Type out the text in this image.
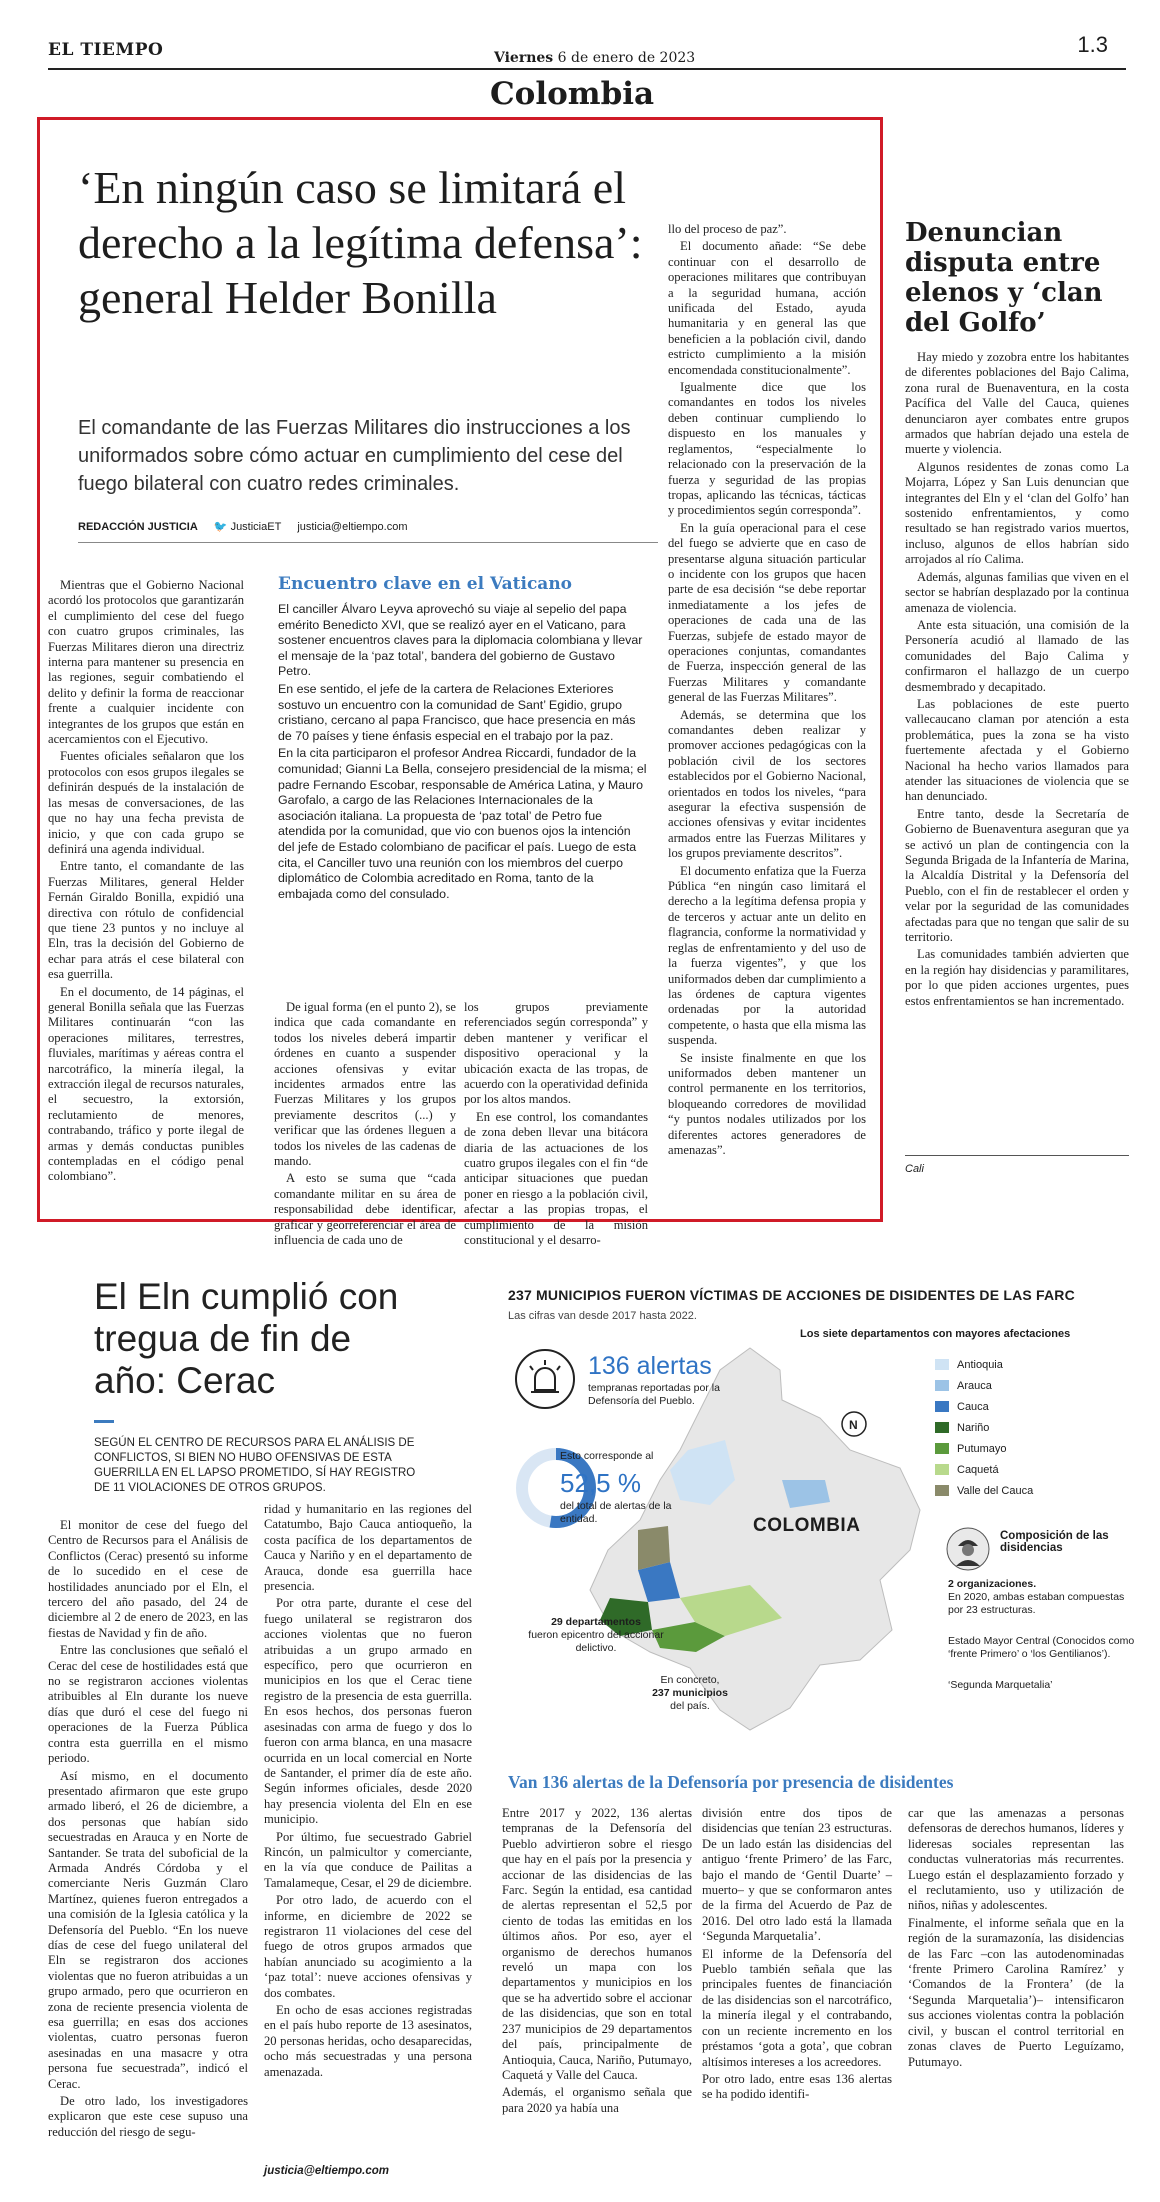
EL TIEMPO	Viernes 6 de enero de 2023
1.3
Colombia
‘En ningún caso se limitará el derecho a la legítima defensa’: general Helder Bonilla
El comandante de las Fuerzas Militares dio instrucciones a los uniformados sobre cómo actuar en cumplimiento del cese del fuego bilateral con cuatro redes criminales.
REDACCIÓN JUSTICIA 🐦 JusticiaET justicia@eltiempo.com

Mientras que el Gobierno Nacional acordó los protocolos que garantizarán el cumplimiento del cese del fuego con cuatro grupos criminales, las Fuerzas Militares dieron una directriz interna para mantener su presencia en las regiones, seguir combatiendo el delito y definir la forma de reaccionar frente a cualquier incidente con integrantes de los grupos que están en acercamientos con el Ejecutivo.

Fuentes oficiales señalaron que los protocolos con esos grupos ilegales se definirán después de la instalación de las mesas de conversaciones, de las que no hay una fecha prevista de inicio, y que con cada grupo se definirá una agenda individual.

Entre tanto, el comandante de las Fuerzas Militares, general Helder Fernán Giraldo Bonilla, expidió una directiva con rótulo de confidencial que tiene 23 puntos y no incluye al Eln, tras la decisión del Gobierno de echar para atrás el cese bilateral con esa guerrilla.

En el documento, de 14 páginas, el general Bonilla señala que las Fuerzas Militares continuarán “con las operaciones militares, terrestres, fluviales, marítimas y aéreas contra el narcotráfico, la minería ilegal, la extracción ilegal de recursos naturales, el secuestro, la extorsión, reclutamiento de menores, contrabando, tráfico y porte ilegal de armas y demás conductas punibles contempladas en el código penal colombiano”.

Encuentro clave en el Vaticano

El canciller Álvaro Leyva aprovechó su viaje al sepelio del papa emérito Benedicto XVI, que se realizó ayer en el Vaticano, para sostener encuentros claves para la diplomacia colombiana y llevar el mensaje de la ‘paz total’, bandera del gobierno de Gustavo Petro.

En ese sentido, el jefe de la cartera de Relaciones Exteriores sostuvo un encuentro con la comunidad de Sant’ Egidio, grupo cristiano, cercano al papa Francisco, que hace presencia en más de 70 países y tiene énfasis especial en el trabajo por la paz.

En la cita participaron el profesor Andrea Riccardi, fundador de la comunidad; Gianni La Bella, consejero presidencial de la misma; el padre Fernando Escobar, responsable de América Latina, y Mauro Garofalo, a cargo de las Relaciones Internacionales de la asociación italiana. La propuesta de ‘paz total’ de Petro fue atendida por la comunidad, que vio con buenos ojos la intención del jefe de Estado colombiano de pacificar el país. Luego de esta cita, el Canciller tuvo una reunión con los miembros del cuerpo diplomático de Colombia acreditado en Roma, tanto de la embajada como del consulado.

De igual forma (en el punto 2), se indica que cada comandante en todos los niveles deberá impartir órdenes en cuanto a suspender acciones ofensivas y evitar incidentes armados entre las Fuerzas Militares y los grupos previamente descritos (...) y verificar que las órdenes lleguen a todos los niveles de las cadenas de mando.

A esto se suma que “cada comandante militar en su área de responsabilidad debe identificar, graficar y georreferenciar el área de influencia de cada uno de

los grupos previamente referenciados según corresponda” y deben mantener y verificar el dispositivo operacional y la ubicación exacta de las tropas, de acuerdo con la operatividad definida por los altos mandos.

En ese control, los comandantes de zona deben llevar una bitácora diaria de las actuaciones de los cuatro grupos ilegales con el fin “de anticipar situaciones que puedan poner en riesgo a la población civil, afectar a las propias tropas, el cumplimiento de la misión constitucional y el desarro-

llo del proceso de paz”.

El documento añade: “Se debe continuar con el desarrollo de operaciones militares que contribuyan a la seguridad humana, acción unificada del Estado, ayuda humanitaria y en general las que beneficien a la población civil, dando estricto cumplimiento a la misión encomendada constitucionalmente”.

Igualmente dice que los comandantes en todos los niveles deben continuar cumpliendo lo dispuesto en los manuales y reglamentos, “especialmente lo relacionado con la preservación de la fuerza y seguridad de las propias tropas, aplicando las técnicas, tácticas y procedimientos según corresponda”.

En la guía operacional para el cese del fuego se advierte que en caso de presentarse alguna situación particular o incidente con los grupos que hacen parte de esa decisión “se debe reportar inmediatamente a los jefes de operaciones de cada una de las Fuerzas, subjefe de estado mayor de operaciones conjuntas, comandantes de Fuerza, inspección general de las Fuerzas Militares y comandante general de las Fuerzas Militares”.

Además, se determina que los comandantes deben realizar y promover acciones pedagógicas con la población civil de los sectores establecidos por el Gobierno Nacional, orientados en todos los niveles, “para asegurar la efectiva suspensión de acciones ofensivas y evitar incidentes armados entre las Fuerzas Militares y los grupos previamente descritos”.

El documento enfatiza que la Fuerza Pública “en ningún caso limitará el derecho a la legítima defensa propia y de terceros y actuar ante un delito en flagrancia, conforme la normatividad y reglas de enfrentamiento y del uso de la fuerza vigentes”, y que los uniformados deben dar cumplimiento a las órdenes de captura vigentes ordenadas por la autoridad competente, o hasta que ella misma las suspenda.

Se insiste finalmente en que los uniformados deben mantener un control permanente en los territorios, bloqueando corredores de movilidad “y puntos nodales utilizados por los diferentes actores generadores de amenazas”.

Denuncian disputa entre elenos y ‘clan del Golfo’

Hay miedo y zozobra entre los habitantes de diferentes poblaciones del Bajo Calima, zona rural de Buenaventura, en la costa Pacífica del Valle del Cauca, quienes denunciaron ayer combates entre grupos armados que habrían dejado una estela de muerte y violencia.

Algunos residentes de zonas como La Mojarra, López y San Luis denuncian que integrantes del Eln y el ‘clan del Golfo’ han sostenido enfrentamientos, y como resultado se han registrado varios muertos, incluso, algunos de ellos habrían sido arrojados al río Calima.

Además, algunas familias que viven en el sector se habrían desplazado por la continua amenaza de violencia.

Ante esta situación, una comisión de la Personería acudió al llamado de las comunidades del Bajo Calima y confirmaron el hallazgo de un cuerpo desmembrado y decapitado.

Las poblaciones de este puerto vallecaucano claman por atención a esta problemática, pues la zona se ha visto fuertemente afectada y el Gobierno Nacional ha hecho varios llamados para atender las situaciones de violencia que se han denunciado.

Entre tanto, desde la Secretaría de Gobierno de Buenaventura aseguran que ya se activó un plan de contingencia con la Segunda Brigada de la Infantería de Marina, la Alcaldía Distrital y la Defensoría del Pueblo, con el fin de restablecer el orden y velar por la seguridad de las comunidades afectadas para que no tengan que salir de su territorio.

Las comunidades también advierten que en la región hay disidencias y paramilitares, por lo que piden acciones urgentes, pues estos enfrentamientos se han incrementado.

Cali
El Eln cumplió con tregua de fin de año: Cerac
SEGÚN EL CENTRO DE RECURSOS PARA EL ANÁLISIS DE CONFLICTOS, SI BIEN NO HUBO OFENSIVAS DE ESTA GUERRILLA EN EL LAPSO PROMETIDO, SÍ HAY REGISTRO DE 11 VIOLACIONES DE OTROS GRUPOS.

El monitor de cese del fuego del Centro de Recursos para el Análisis de Conflictos (Cerac) presentó su informe de lo sucedido en el cese de hostilidades anunciado por el Eln, el tercero del año pasado, del 24 de diciembre al 2 de enero de 2023, en las fiestas de Navidad y fin de año.

Entre las conclusiones que señaló el Cerac del cese de hostilidades está que no se registraron acciones violentas atribuibles al Eln durante los nueve días que duró el cese del fuego ni operaciones de la Fuerza Pública contra esta guerrilla en el mismo periodo.

Así mismo, en el documento presentado afirmaron que este grupo armado liberó, el 26 de diciembre, a dos personas que habían sido secuestradas en Arauca y en Norte de Santander. Se trata del suboficial de la Armada Andrés Córdoba y el comerciante Neris Guzmán Claro Martínez, quienes fueron entregados a una comisión de la Iglesia católica y la Defensoría del Pueblo. “En los nueve días de cese del fuego unilateral del Eln se registraron dos acciones violentas que no fueron atribuidas a un grupo armado, pero que ocurrieron en zona de reciente presencia violenta de esa guerrilla; en esas dos acciones violentas, cuatro personas fueron asesinadas en una masacre y otra persona fue secuestrada”, indicó el Cerac.

De otro lado, los investigadores explicaron que este cese supuso una reducción del riesgo de segu-

ridad y humanitario en las regiones del Catatumbo, Bajo Cauca antioqueño, la costa pacífica de los departamentos de Cauca y Nariño y en el departamento de Arauca, donde esa guerrilla hace presencia.

Por otra parte, durante el cese del fuego unilateral se registraron dos acciones violentas que no fueron atribuidas a un grupo armado en específico, pero que ocurrieron en municipios en los que el Cerac tiene registro de la presencia de esta guerrilla. En esos hechos, dos personas fueron asesinadas con arma de fuego y dos lo fueron con arma blanca, en una masacre ocurrida en un local comercial en Norte de Santander, el primer día de este año. Según informes oficiales, desde 2020 hay presencia violenta del Eln en ese municipio.

Por último, fue secuestrado Gabriel Rincón, un palmicultor y comerciante, en la vía que conduce de Pailitas a Tamalameque, Cesar, el 29 de diciembre.

Por otro lado, de acuerdo con el informe, en diciembre de 2022 se registraron 11 violaciones del cese del fuego de otros grupos armados que habían anunciado su acogimiento a la ‘paz total’: nueve acciones ofensivas y dos combates.

En ocho de esas acciones registradas en el país hubo reporte de 13 asesinatos, 20 personas heridas, ocho desaparecidas, ocho más secuestradas y una persona amenazada.

justicia@eltiempo.com
237 MUNICIPIOS FUERON VÍCTIMAS DE ACCIONES DE DISIDENTES DE LAS FARC
Las cifras van desde 2017 hasta 2022.
Los siete departamentos con mayores afectaciones
Antioquia
Arauca
Cauca
Nariño
Putumayo
Caquetá
Valle del Cauca
136 alertas
tempranas reportadas por la Defensoría del Pueblo.
Esto corresponde al
52,5 %
del total de alertas de la entidad.	COLOMBIA
N
29 departamentos
fueron epicentro del accionar delictivo.
En concreto,
237 municipios
del país.
Composición de las disidencias
2 organizaciones.
En 2020, ambas estaban compuestas por 23 estructuras.
Estado Mayor Central (Conocidos como ‘frente Primero’ o ‘los Gentilianos’).
‘Segunda Marquetalia’
Van 136 alertas de la Defensoría por presencia de disidentes

Entre 2017 y 2022, 136 alertas tempranas de la Defensoría del Pueblo advirtieron sobre el riesgo que hay en el país por la presencia y accionar de las disidencias de las Farc. Según la entidad, esa cantidad de alertas representan el 52,5 por ciento de todas las emitidas en los últimos años. Por eso, ayer el organismo de derechos humanos reveló un mapa con los departamentos y municipios en los que se ha advertido sobre el accionar de las disidencias, que son en total 237 municipios de 29 departamentos del país, principalmente de Antioquia, Cauca, Nariño, Putumayo, Caquetá y Valle del Cauca.

Además, el organismo señala que para 2020 ya había una

división entre dos tipos de disidencias que tenían 23 estructuras. De un lado están las disidencias del antiguo ‘frente Primero’ de las Farc, bajo el mando de ‘Gentil Duarte’ –muerto– y que se conformaron antes de la firma del Acuerdo de Paz de 2016. Del otro lado está la llamada ‘Segunda Marquetalia’.

El informe de la Defensoría del Pueblo también señala que las principales fuentes de financiación de las disidencias son el narcotráfico, la minería ilegal y el contrabando, con un reciente incremento en los préstamos ‘gota a gota’, que cobran altísimos intereses a los acreedores.

Por otro lado, entre esas 136 alertas se ha podido identifi-

car que las amenazas a personas defensoras de derechos humanos, líderes y lideresas sociales representan las conductas vulneratorias más recurrentes. Luego están el desplazamiento forzado y el reclutamiento, uso y utilización de niños, niñas y adolescentes.

Finalmente, el informe señala que en la región de la suramazonía, las disidencias de las Farc –con las autodenominadas ‘frente Primero Carolina Ramírez’ y ‘Comandos de la Frontera’ (de la ‘Segunda Marquetalia’)– intensificaron sus acciones violentas contra la población civil, y buscan el control territorial en zonas claves de Puerto Leguízamo, Putumayo.
